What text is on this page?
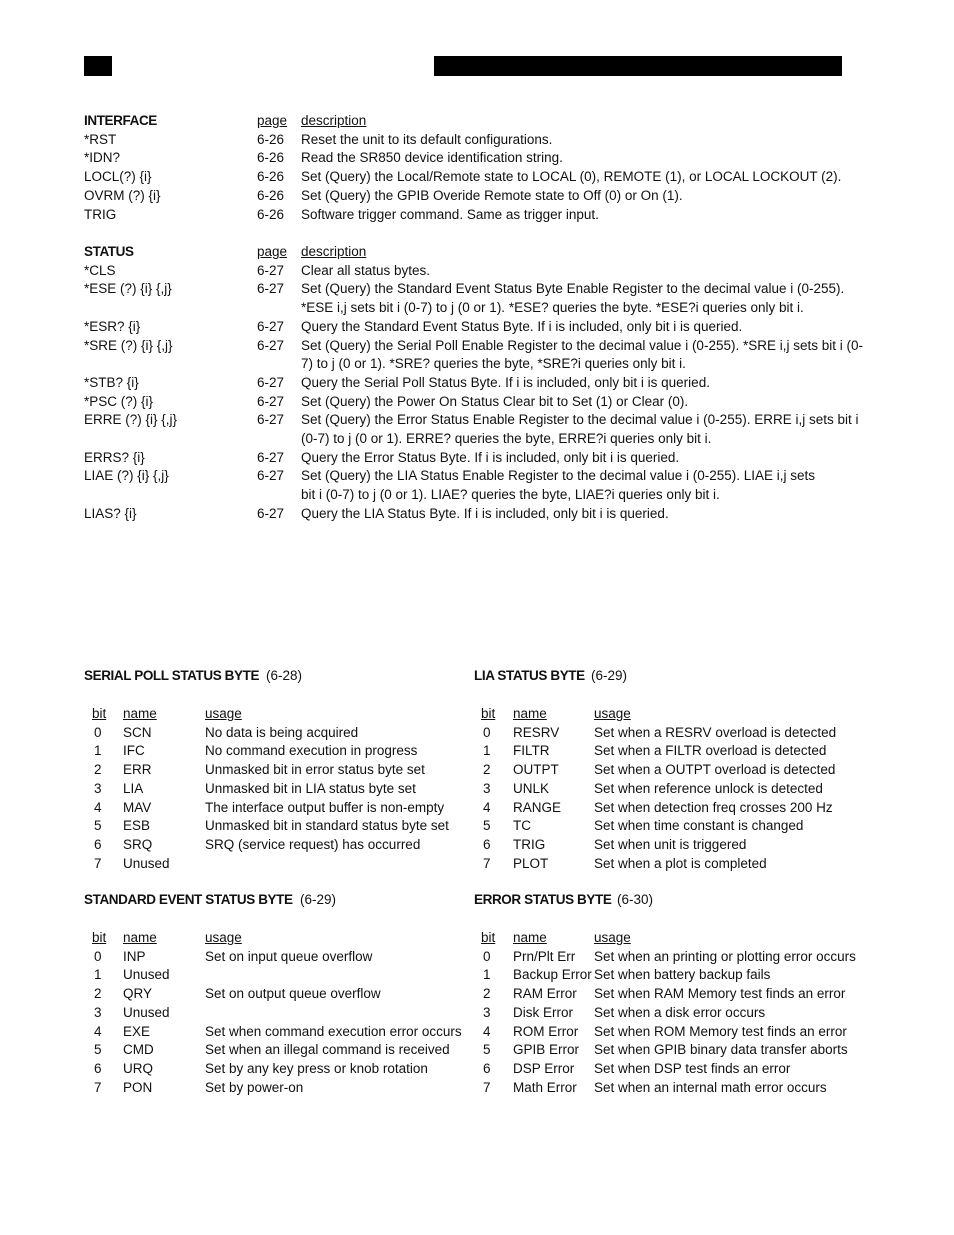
INTERFACE	page description
*RST	6-26 Reset the unit to its default configurations.
*IDN?	6-26 Read the SR850 device identification string.
LOCL(?) {i}	6-26 Set (Query) the Local/Remote state to LOCAL (0), REMOTE (1), or LOCAL LOCKOUT (2).
OVRM (?) {i}	6-26 Set (Query) the GPIB Overide Remote state to Off (0) or On (1).
TRIG	6-26 Software trigger command. Same as trigger input.
STATUS	page description
*CLS	6-27 Clear all status bytes.
*ESE (?) {i} {,j}	6-27 Set (Query) the Standard Event Status Byte Enable Register to the decimal value i (0-255).
*ESE i,j sets bit i (0-7) to j (0 or 1). *ESE? queries the byte. *ESE?i queries only bit i.
*ESR? {i}	6-27 Query the Standard Event Status Byte. If i is included, only bit i is queried.
*SRE (?) {i} {,j}	6-27 Set (Query) the Serial Poll Enable Register to the decimal value i (0-255). *SRE i,j sets bit i (0-
7) to j (0 or 1). *SRE? queries the byte, *SRE?i queries only bit i.
*STB? {i}	6-27 Query the Serial Poll Status Byte. If i is included, only bit i is queried.
*PSC (?) {i}	6-27 Set (Query) the Power On Status Clear bit to Set (1) or Clear (0).
ERRE (?) {i} {,j}	6-27 Set (Query) the Error Status Enable Register to the decimal value i (0-255). ERRE i,j sets bit i
(0-7) to j (0 or 1). ERRE? queries the byte, ERRE?i queries only bit i.
ERRS? {i}	6-27 Query the Error Status Byte. If i is included, only bit i is queried.
LIAE (?) {i} {,j}	6-27 Set (Query) the LIA Status Enable Register to the decimal value i (0-255). LIAE i,j sets
bit i (0-7) to j (0 or 1). LIAE? queries the byte, LIAE?i queries only bit i.
LIAS? {i}	6-27 Query the LIA Status Byte. If i is included, only bit i is queried.
SERIAL POLL STATUS BYTE (6-28)
bit name	usage
0 SCN	No data is being acquired
1 IFC	No command execution in progress
2 ERR	Unmasked bit in error status byte set
3 LIA	Unmasked bit in LIA status byte set
4 MAV	The interface output buffer is non-empty
5 ESB	Unmasked bit in standard status byte set
6 SRQ	SRQ (service request) has occurred
7 Unused
LIA STATUS BYTE (6-29)
bit name	usage
0 RESRV	Set when a RESRV overload is detected
1 FILTR	Set when a FILTR overload is detected
2 OUTPT	Set when a OUTPT overload is detected
3 UNLK	Set when reference unlock is detected
4 RANGE Set when detection freq crosses 200 Hz
5 TC	Set when time constant is changed
6 TRIG	Set when unit is triggered
7 PLOT	Set when a plot is completed
STANDARD EVENT STATUS BYTE (6-29)
bit name	usage
0 INP	Set on input queue overflow
1 Unused
2 QRY	Set on output queue overflow
3 Unused
4 EXE	Set when command execution error occurs
5 CMD	Set when an illegal command is received
6 URQ	Set by any key press or knob rotation
7 PON	Set by power-on
ERROR STATUS BYTE (6-30)
bit name	usage
0 Prn/Plt Err Set when an printing or plotting error occurs
1 Backup Error Set when battery backup fails
2 RAM Error Set when RAM Memory test finds an error
3 Disk Error Set when a disk error occurs
4 ROM Error Set when ROM Memory test finds an error
5 GPIB Error Set when GPIB binary data transfer aborts
6 DSP Error Set when DSP test finds an error
7 Math Error Set when an internal math error occurs
